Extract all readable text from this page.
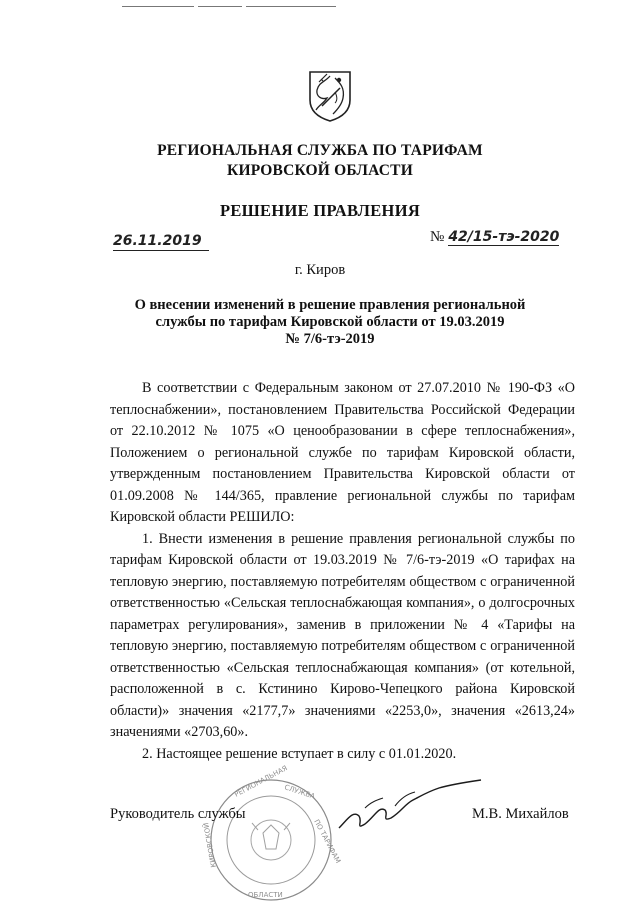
РЕГИОНАЛЬНАЯ СЛУЖБА ПО ТАРИФАМ
КИРОВСКОЙ ОБЛАСТИ
РЕШЕНИЕ ПРАВЛЕНИЯ
26.11.2019	№ 42/15-тэ-2020
г. Киров
О внесении изменений в решение правления региональной
службы по тарифам Кировской области от 19.03.2019
№ 7/6-тэ-2019

В соответствии с Федеральным законом от 27.07.2010 № 190-ФЗ «О теплоснабжении», постановлением Правительства Российской Федерации от 22.10.2012 № 1075 «О ценообразовании в сфере теплоснабжения», Положением о региональной службе по тарифам Кировской области, утвержденным постановлением Правительства Кировской области от 01.09.2008 № 144/365, правление региональной службы по тарифам Кировской области РЕШИЛО:

1. Внести изменения в решение правления региональной службы по тарифам Кировской области от 19.03.2019 № 7/6-тэ-2019 «О тарифах на тепловую энергию, поставляемую потребителям обществом с ограниченной ответственностью «Сельская теплоснабжающая компания», о долгосрочных параметрах регулирования», заменив в приложении № 4 «Тарифы на тепловую энергию, поставляемую потребителям обществом с ограниченной ответственностью «Сельская теплоснабжающая компания» (от котельной, расположенной в с. Кстинино Кирово-Чепецкого района Кировской области)» значения «2177,7» значениями «2253,0», значения «2613,24» значениями «2703,60».

2. Настоящее решение вступает в силу с 01.01.2020.

РЕГИОНАЛЬНАЯ
СЛУЖБА
ПО ТАРИФАМ
КИРОВСКОЙ
ОБЛАСТИ
Руководитель службы	М.В. Михайлов
